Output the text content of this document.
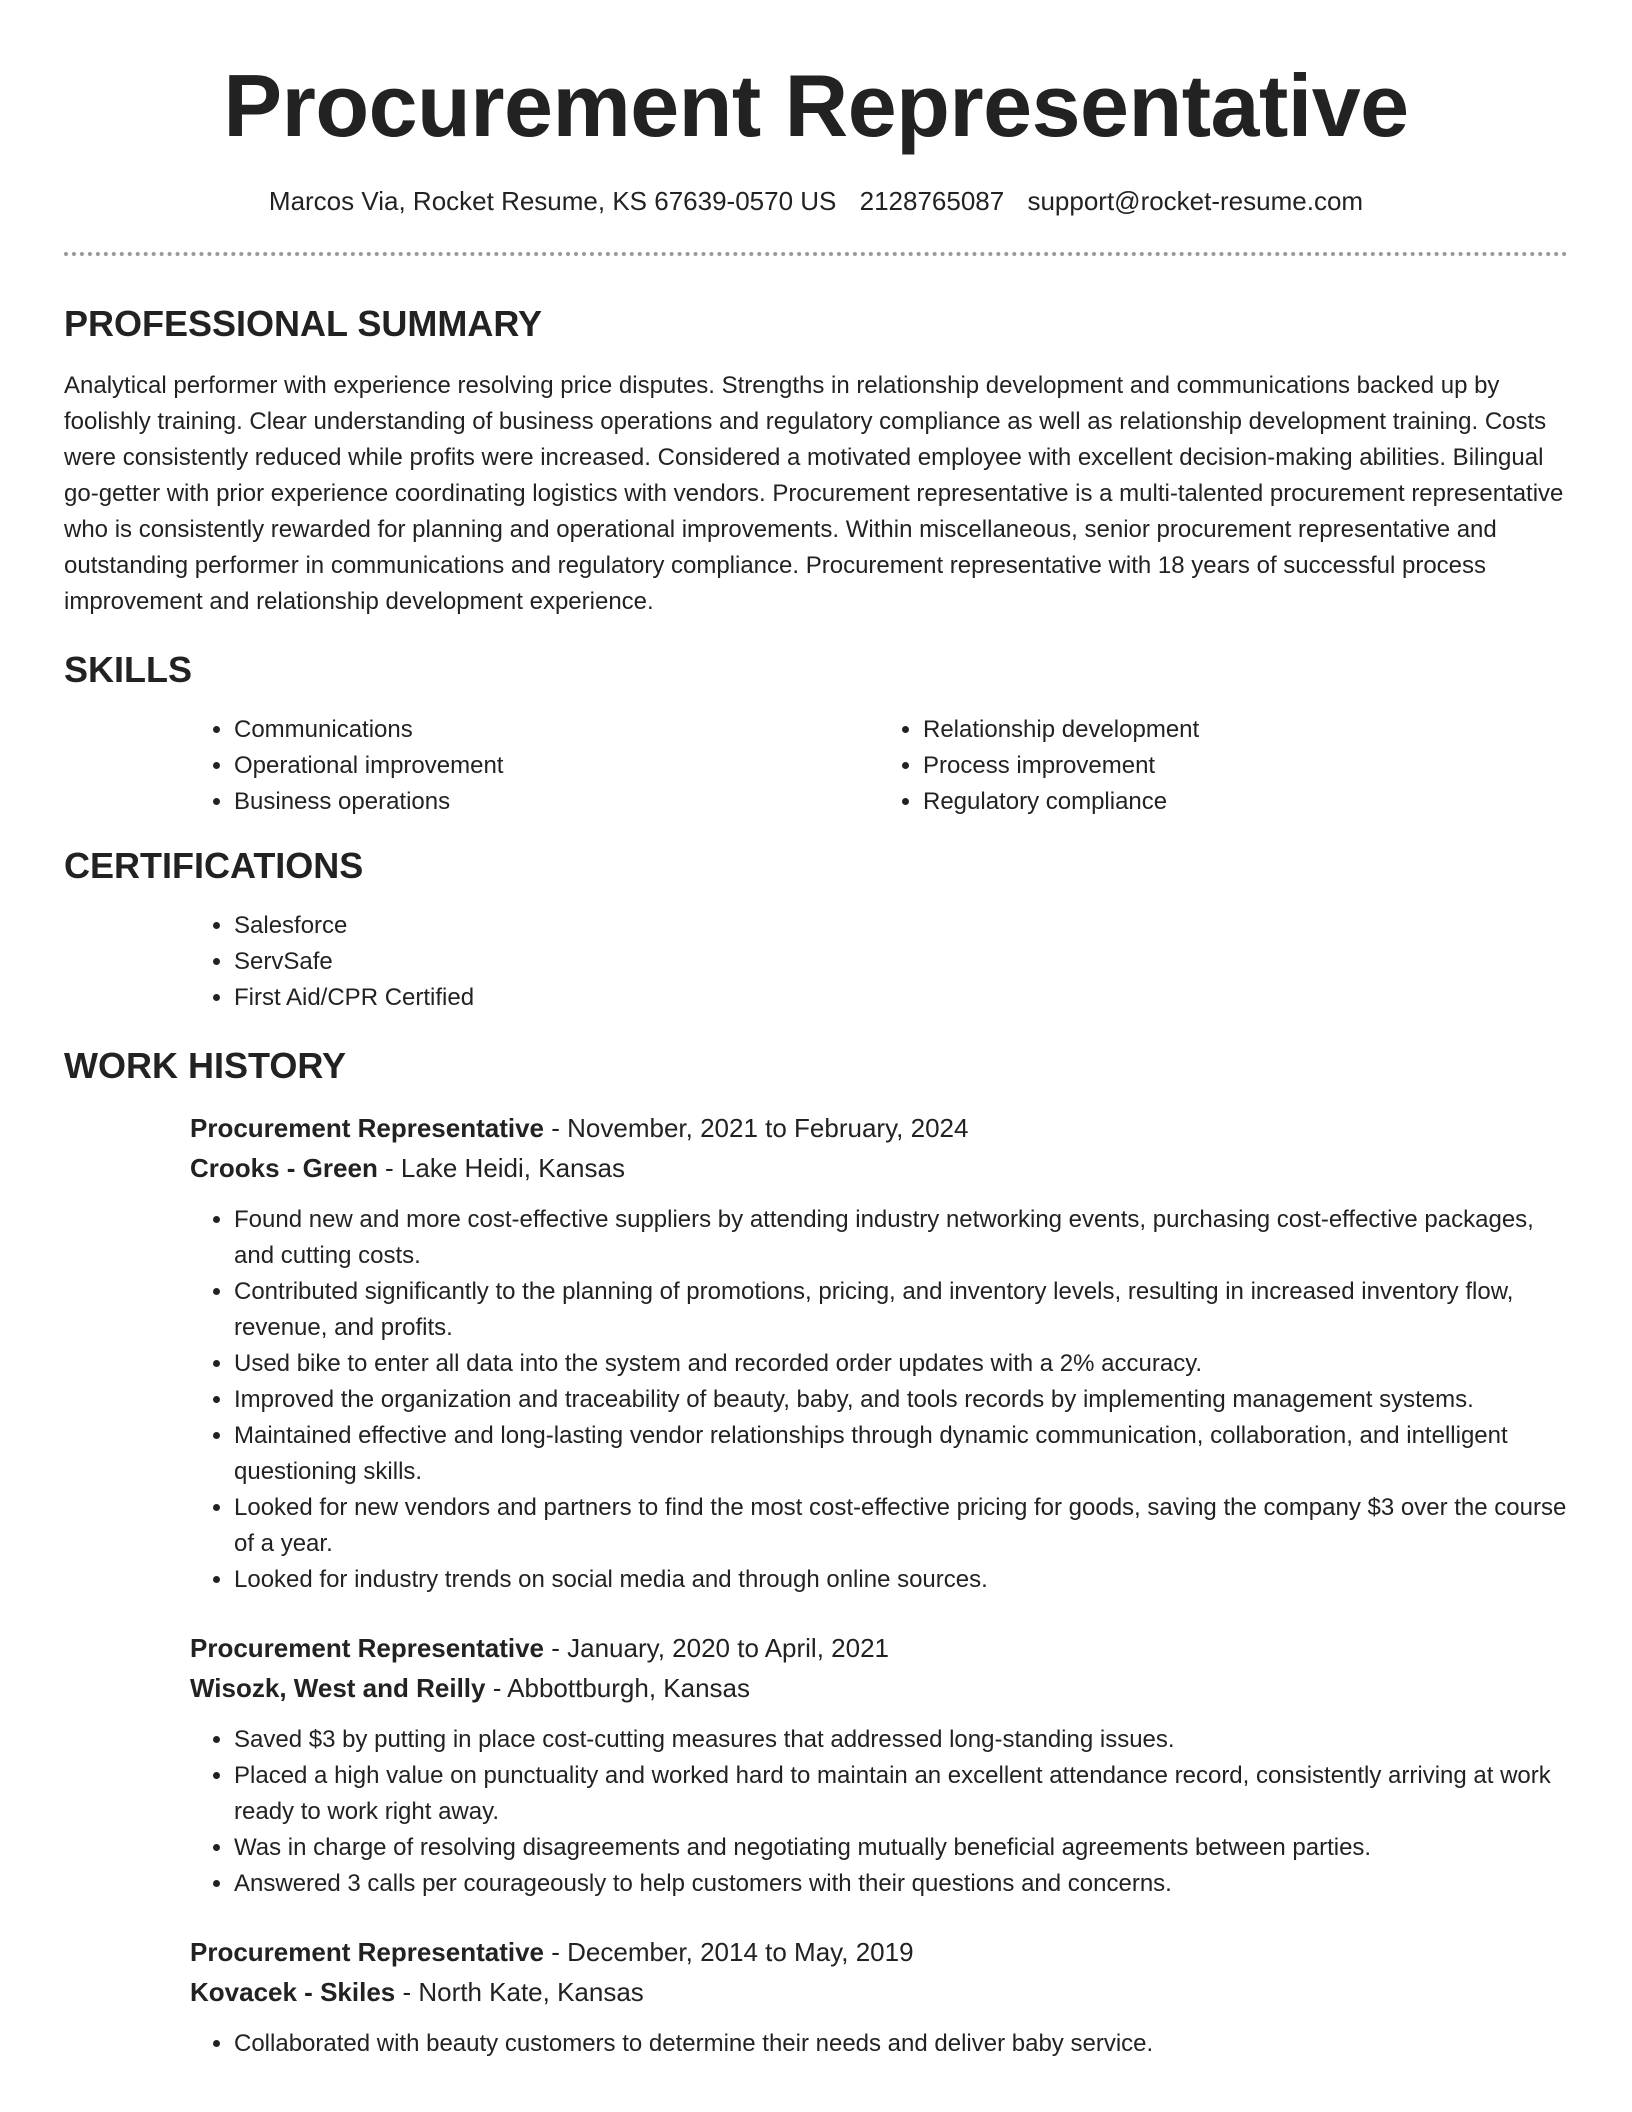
Procurement Representative
Marcos Via, Rocket Resume, KS 67639-0570 US 2128765087 support@rocket-resume.com
PROFESSIONAL SUMMARY

Analytical performer with experience resolving price disputes. Strengths in relationship development and communications backed up by foolishly training. Clear understanding of business operations and regulatory compliance as well as relationship development training. Costs were consistently reduced while profits were increased. Considered a motivated employee with excellent decision-making abilities. Bilingual go-getter with prior experience coordinating logistics with vendors. Procurement representative is a multi-talented procurement representative who is consistently rewarded for planning and operational improvements. Within miscellaneous, senior procurement representative and outstanding performer in communications and regulatory compliance. Procurement representative with 18 years of successful process improvement and relationship development experience.

SKILLS
• Communications
• Operational improvement
• Business operations
• Relationship development
• Process improvement
• Regulatory compliance
CERTIFICATIONS
• Salesforce
• ServSafe
• First Aid/CPR Certified
WORK HISTORY

Procurement Representative - November, 2021 to February, 2024

Crooks - Green - Lake Heidi, Kansas

• Found new and more cost-effective suppliers by attending industry networking events, purchasing cost-effective packages, and cutting costs.
• Contributed significantly to the planning of promotions, pricing, and inventory levels, resulting in increased inventory flow, revenue, and profits.
• Used bike to enter all data into the system and recorded order updates with a 2% accuracy.
• Improved the organization and traceability of beauty, baby, and tools records by implementing management systems.
• Maintained effective and long-lasting vendor relationships through dynamic communication, collaboration, and intelligent questioning skills.
• Looked for new vendors and partners to find the most cost-effective pricing for goods, saving the company $3 over the course of a year.
• Looked for industry trends on social media and through online sources.

Procurement Representative - January, 2020 to April, 2021

Wisozk, West and Reilly - Abbottburgh, Kansas

• Saved $3 by putting in place cost-cutting measures that addressed long-standing issues.
• Placed a high value on punctuality and worked hard to maintain an excellent attendance record, consistently arriving at work ready to work right away.
• Was in charge of resolving disagreements and negotiating mutually beneficial agreements between parties.
• Answered 3 calls per courageously to help customers with their questions and concerns.

Procurement Representative - December, 2014 to May, 2019

Kovacek - Skiles - North Kate, Kansas

• Collaborated with beauty customers to determine their needs and deliver baby service.
